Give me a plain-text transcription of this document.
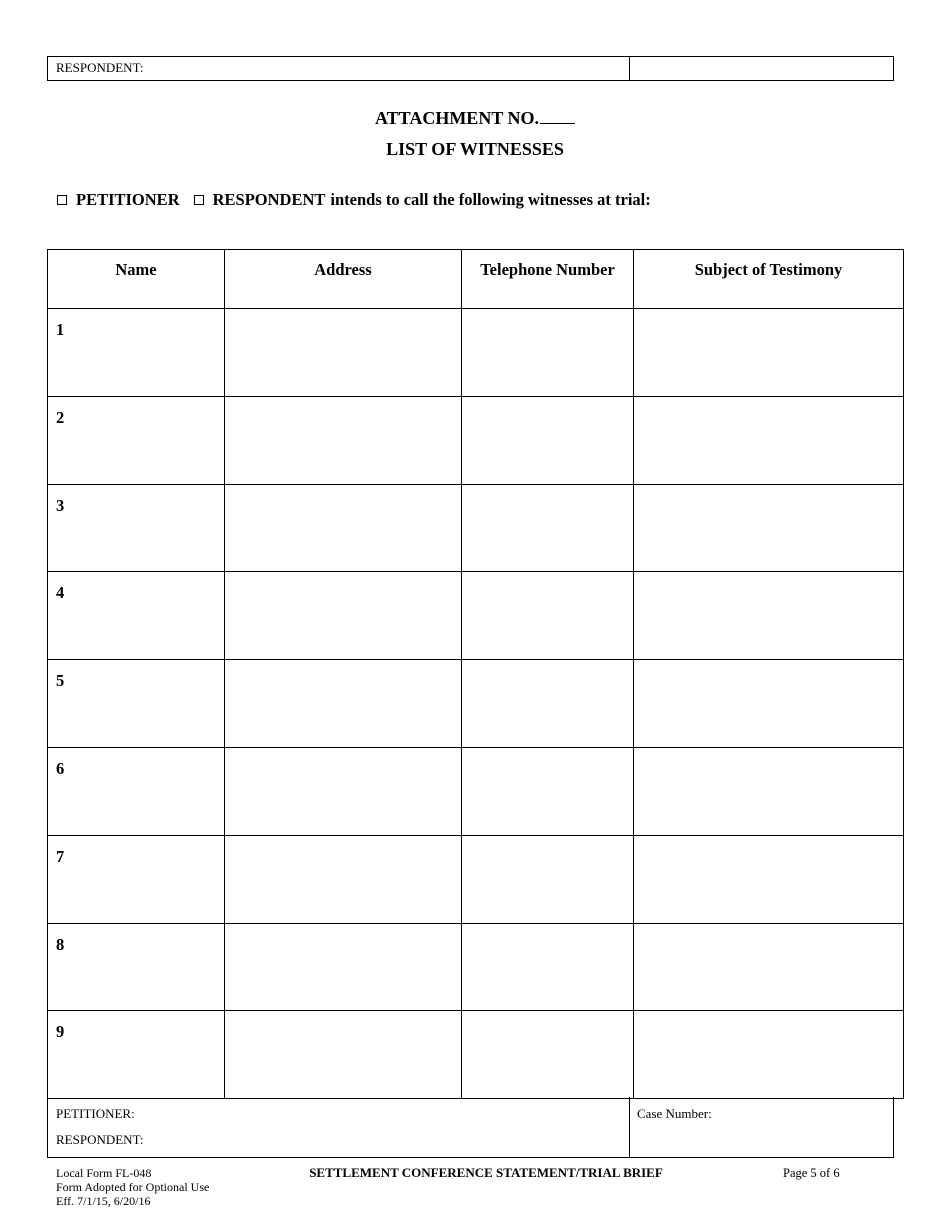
RESPONDENT:
ATTACHMENT NO.
LIST OF WITNESSES
PETITIONER RESPONDENT intends to call the following witnesses at trial:
Name	Address	Telephone Number	Subject of Testimony
1			
2			
3			
4			
5			
6			
7			
8			
9			
PETITIONER:
RESPONDENT:
Case Number:
Local Form FL-048
Form Adopted for Optional Use
Eff. 7/1/15, 6/20/16
SETTLEMENT CONFERENCE STATEMENT/TRIAL BRIEF	Page 5 of 6
